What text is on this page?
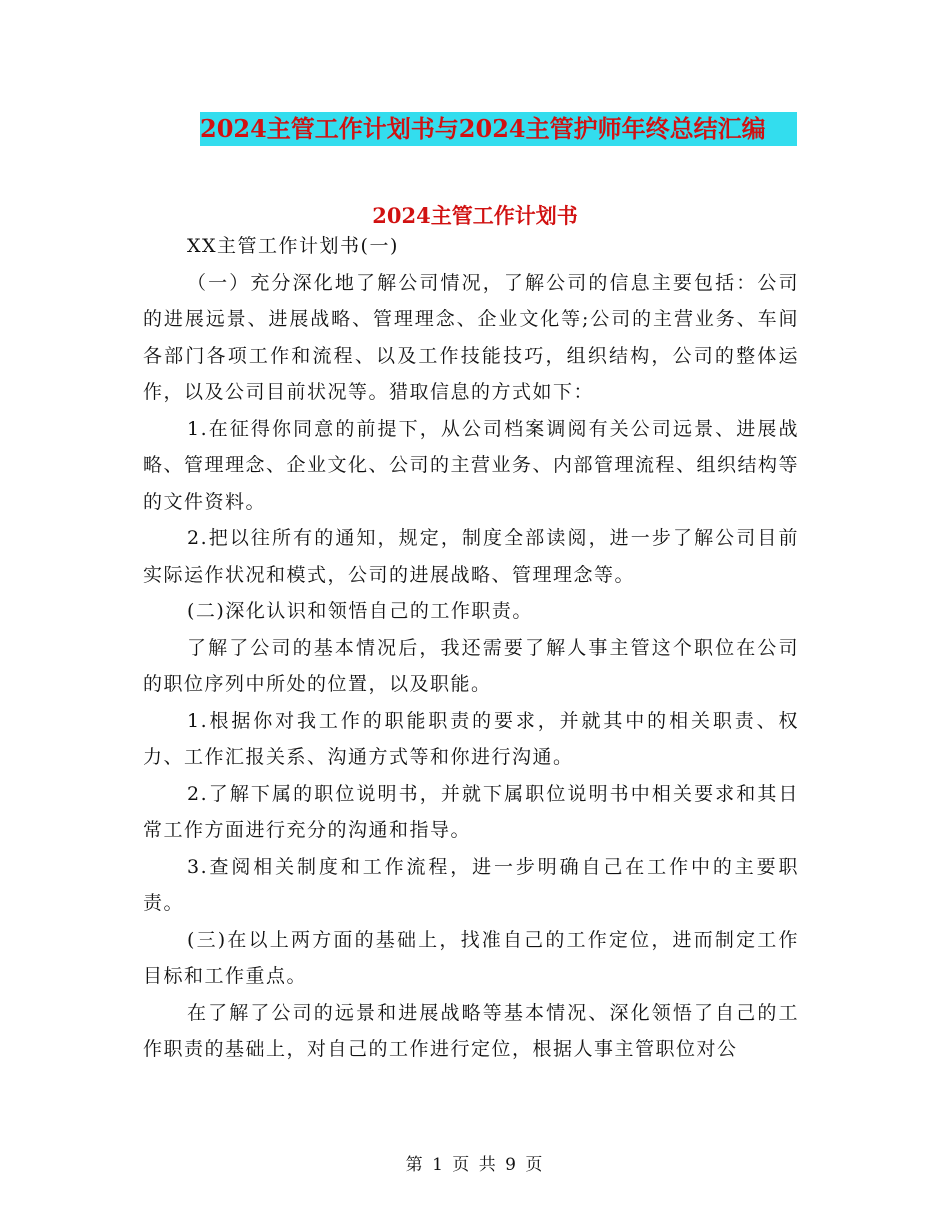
2024主管工作计划书与2024主管护师年终总结汇编
2024主管工作计划书

XX主管工作计划书(一)

（一）充分深化地了解公司情况，了解公司的信息主要包括：公司的进展远景、进展战略、管理理念、企业文化等;公司的主营业务、车间各部门各项工作和流程、以及工作技能技巧，组织结构，公司的整体运作，以及公司目前状况等。猎取信息的方式如下：

1.在征得你同意的前提下，从公司档案调阅有关公司远景、进展战略、管理理念、企业文化、公司的主营业务、内部管理流程、组织结构等的文件资料。

2.把以往所有的通知，规定，制度全部读阅，进一步了解公司目前实际运作状况和模式，公司的进展战略、管理理念等。

(二)深化认识和领悟自己的工作职责。

了解了公司的基本情况后，我还需要了解人事主管这个职位在公司的职位序列中所处的位置，以及职能。

1.根据你对我工作的职能职责的要求，并就其中的相关职责、权力、工作汇报关系、沟通方式等和你进行沟通。

2.了解下属的职位说明书，并就下属职位说明书中相关要求和其日常工作方面进行充分的沟通和指导。

3.查阅相关制度和工作流程，进一步明确自己在工作中的主要职责。

(三)在以上两方面的基础上，找准自己的工作定位，进而制定工作目标和工作重点。

在了解了公司的远景和进展战略等基本情况、深化领悟了自己的工作职责的基础上，对自己的工作进行定位，根据人事主管职位对公

第 1 页 共 9 页
